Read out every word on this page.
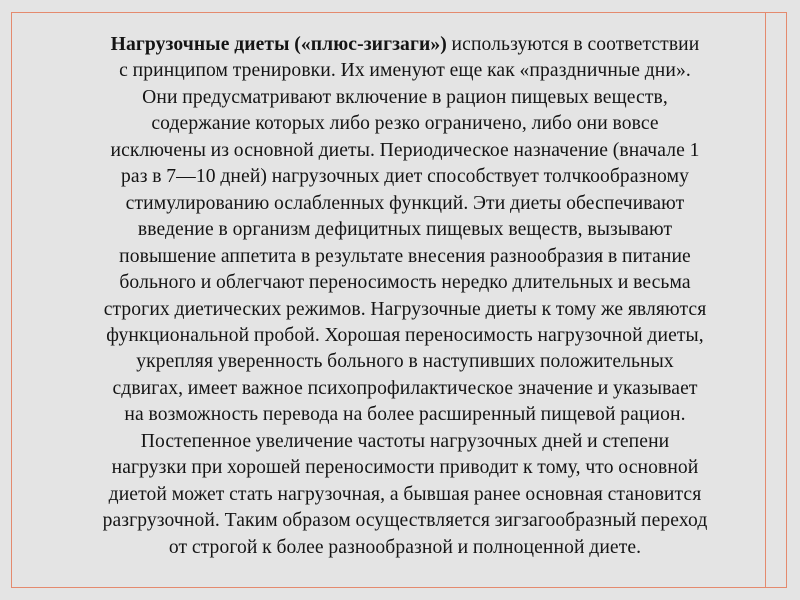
Нагрузочные диеты («плюс-зигзаги») используются в соответствии
с принципом тренировки. Их именуют еще как «праздничные дни».
Они предусматривают включение в рацион пищевых веществ,
содержание которых либо резко ограничено, либо они вовсе
исключены из основной диеты. Периодическое назначение (вначале 1
раз в 7—10 дней) нагрузочных диет способствует толчкообразному
стимулированию ослабленных функций. Эти диеты обеспечивают
введение в организм дефицитных пищевых веществ, вызывают
повышение аппетита в результате внесения разнообразия в питание
больного и облегчают переносимость нередко длительных и весьма
строгих диетических режимов. Нагрузочные диеты к тому же являются
функциональной пробой. Хорошая переносимость нагрузочной диеты,
укрепляя уверенность больного в наступивших положительных
сдвигах, имеет важное психопрофилактическое значение и указывает
на возможность перевода на более расширенный пищевой рацион.
Постепенное увеличение частоты нагрузочных дней и степени
нагрузки при хорошей переносимости приводит к тому, что основной
диетой может стать нагрузочная, а бывшая ранее основная становится
разгрузочной. Таким образом осуществляется зигзагообразный переход
от строгой к более разнообразной и полноценной диете.
